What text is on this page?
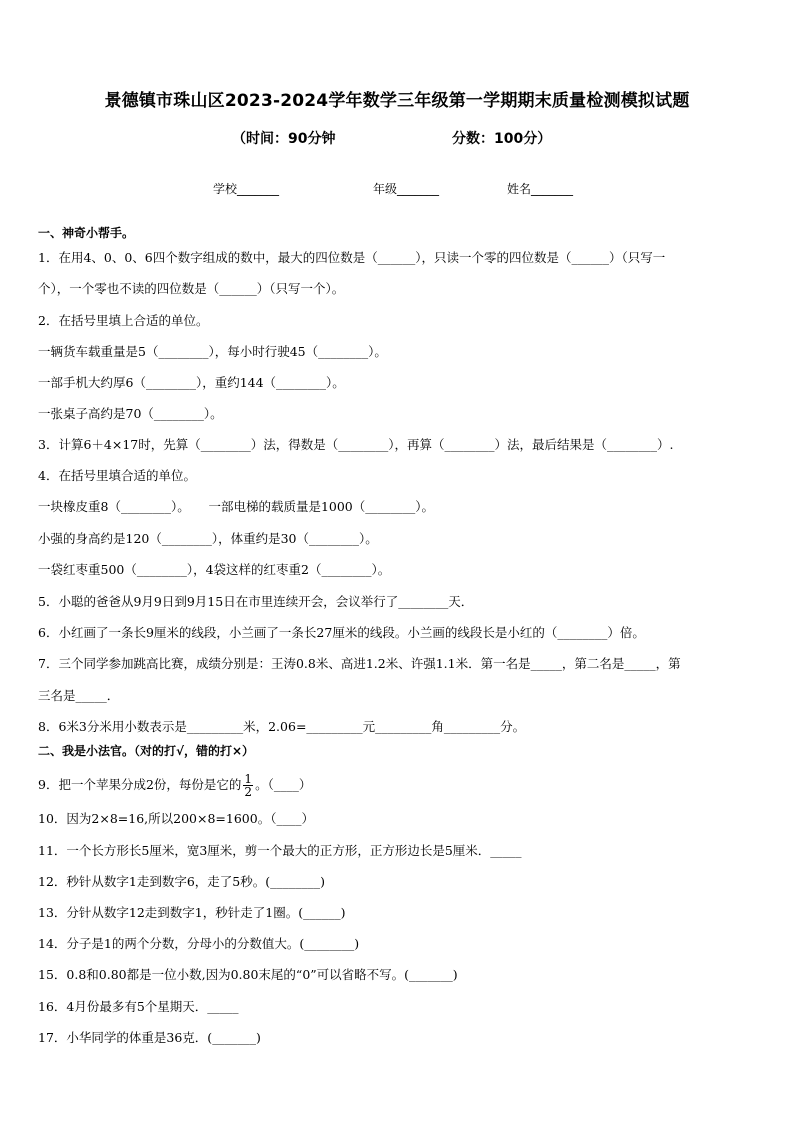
景德镇市珠山区2023-2024学年数学三年级第一学期期末质量检测模拟试题
（时间：90分钟	分数：100分）
学校_______	年级_______	姓名_______
一、神奇小帮手。
1．在用4、0、0、6四个数字组成的数中，最大的四位数是（______），只读一个零的四位数是（______）（只写一
个），一个零也不读的四位数是（______）（只写一个）。
2．在括号里填上合适的单位。
一辆货车载重量是5（________），每小时行驶45（________）。
一部手机大约厚6（________），重约144（________）。
一张桌子高约是70（________）。
3．计算6＋4×17时，先算（________）法，得数是（________），再算（________）法，最后结果是（________）.
4．在括号里填合适的单位。
一块橡皮重8（________）。　　一部电梯的载质量是1000（________）。
小强的身高约是120（________），体重约是30（________）。
一袋红枣重500（________），4袋这样的红枣重2（________）。
5．小聪的爸爸从9月9日到9月15日在市里连续开会，会议举行了________天．
6．小红画了一条长9厘米的线段，小兰画了一条长27厘米的线段。小兰画的线段长是小红的（________）倍。
7．三个同学参加跳高比赛，成绩分别是：王涛0.8米、高进1.2米、许强1.1米．第一名是_____，第二名是_____，第
三名是_____．
8．6米3分米用小数表示是_________米，2.06=_________元_________角_________分。
二、我是小法官。（对的打√，错的打×）
9．把一个苹果分成2份，每份是它的 $\frac{1}{2}$ 。（____）
10．因为2×8=16,所以200×8=1600。（____）
11．一个长方形长5厘米，宽3厘米，剪一个最大的正方形，正方形边长是5厘米．_____
12．秒针从数字1走到数字6，走了5秒。(________)
13．分针从数字12走到数字1，秒针走了1圈。(______)
14．分子是1的两个分数，分母小的分数值大。(________)
15．0.8和0.80都是一位小数,因为0.80末尾的“0”可以省略不写。(_______)
16．4月份最多有5个星期天．_____
17．小华同学的体重是36克．(_______)
